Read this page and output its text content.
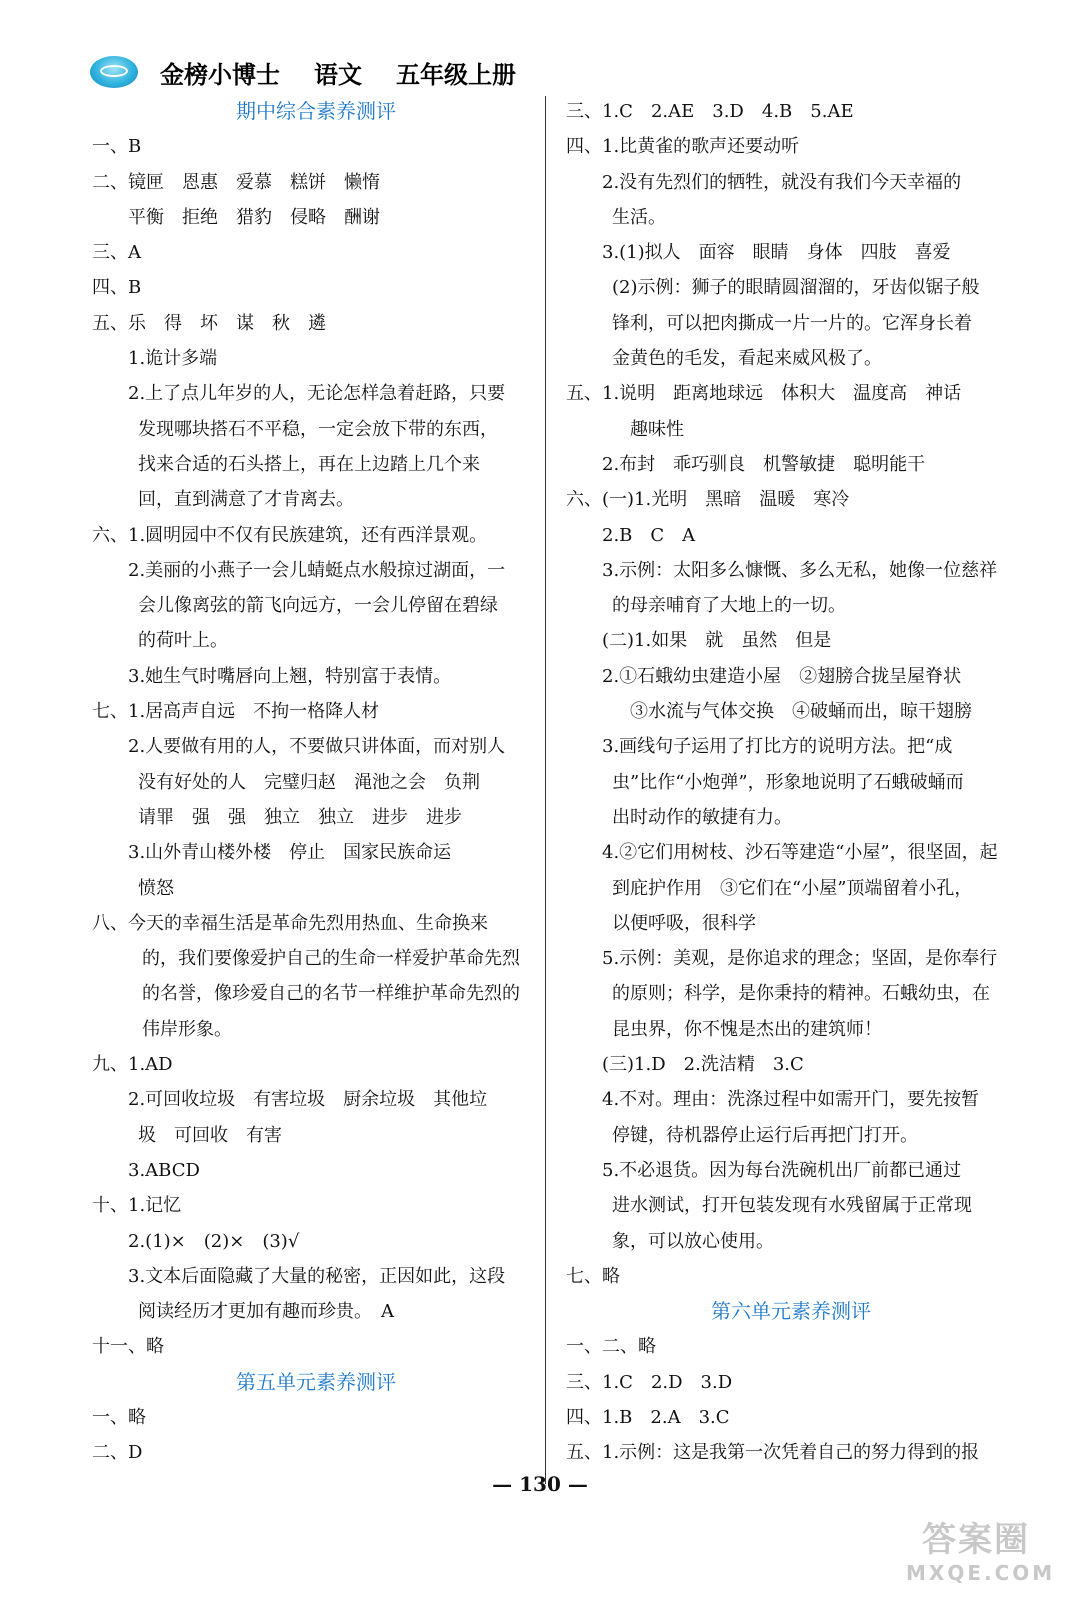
金榜小博士 语文 五年级上册
期中综合素养测评
一、B
二、镜匣　恩惠　爱慕　糕饼　懒惰
平衡　拒绝　猎豹　侵略　酬谢
三、A
四、B
五、乐　得　坏　谋　秋　遴
1.诡计多端
2.上了点儿年岁的人，无论怎样急着赶路，只要
发现哪块搭石不平稳，一定会放下带的东西，
找来合适的石头搭上，再在上边踏上几个来
回，直到满意了才肯离去。
六、1.圆明园中不仅有民族建筑，还有西洋景观。
2.美丽的小燕子一会儿蜻蜓点水般掠过湖面，一
会儿像离弦的箭飞向远方，一会儿停留在碧绿
的荷叶上。
3.她生气时嘴唇向上翘，特别富于表情。
七、1.居高声自远　不拘一格降人材
2.人要做有用的人，不要做只讲体面，而对别人
没有好处的人　完璧归赵　渑池之会　负荆
请罪　强　强　独立　独立　进步　进步
3.山外青山楼外楼　停止　国家民族命运
愤怒
八、今天的幸福生活是革命先烈用热血、生命换来
的，我们要像爱护自己的生命一样爱护革命先烈
的名誉，像珍爱自己的名节一样维护革命先烈的
伟岸形象。
九、1.AD
2.可回收垃圾　有害垃圾　厨余垃圾　其他垃
圾　可回收　有害
3.ABCD
十、1.记忆
2.(1)×　(2)×　(3)√
3.文本后面隐藏了大量的秘密，正因如此，这段
阅读经历才更加有趣而珍贵。　A
十一、略
第五单元素养测评
一、略
二、D
三、1.C　2.AE　3.D　4.B　5.AE
四、1.比黄雀的歌声还要动听
2.没有先烈们的牺牲，就没有我们今天幸福的
生活。
3.(1)拟人　面容　眼睛　身体　四肢　喜爱
(2)示例：狮子的眼睛圆溜溜的，牙齿似锯子般
锋利，可以把肉撕成一片一片的。它浑身长着
金黄色的毛发，看起来威风极了。
五、1.说明　距离地球远　体积大　温度高　神话
趣味性
2.布封　乖巧驯良　机警敏捷　聪明能干
六、(一)1.光明　黑暗　温暖　寒冷
2.B　C　A
3.示例：太阳多么慷慨、多么无私，她像一位慈祥
的母亲哺育了大地上的一切。
(二)1.如果　就　虽然　但是
2.①石蛾幼虫建造小屋　②翅膀合拢呈屋脊状
③水流与气体交换　④破蛹而出，晾干翅膀
3.画线句子运用了打比方的说明方法。把“成
虫”比作“小炮弹”，形象地说明了石蛾破蛹而
出时动作的敏捷有力。
4.②它们用树枝、沙石等建造“小屋”，很坚固，起
到庇护作用　③它们在“小屋”顶端留着小孔，
以便呼吸，很科学
5.示例：美观，是你追求的理念；坚固，是你奉行
的原则；科学，是你秉持的精神。石蛾幼虫，在
昆虫界，你不愧是杰出的建筑师！
(三)1.D　2.洗洁精　3.C
4.不对。理由：洗涤过程中如需开门，要先按暂
停键，待机器停止运行后再把门打开。
5.不必退货。因为每台洗碗机出厂前都已通过
进水测试，打开包装发现有水残留属于正常现
象，可以放心使用。
七、略
第六单元素养测评
一、二、略
三、1.C　2.D　3.D
四、1.B　2.A　3.C
五、1.示例：这是我第一次凭着自己的努力得到的报
— 130 —
答案圈
MXQE.COM
